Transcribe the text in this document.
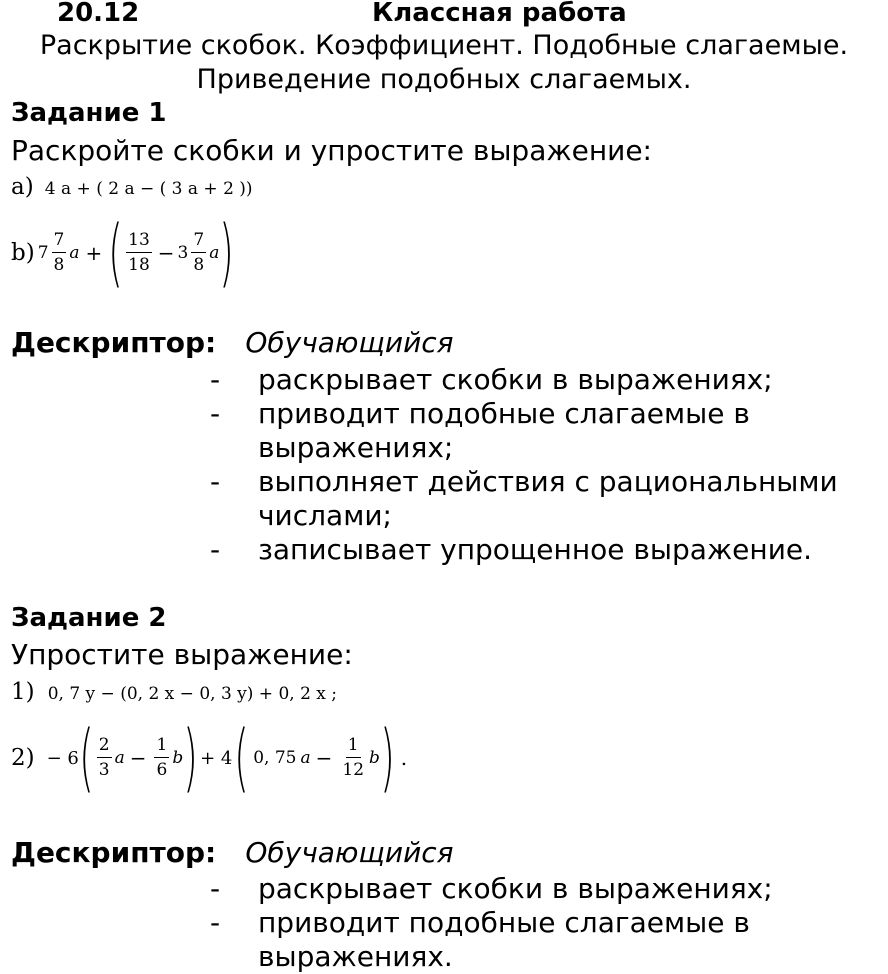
20.12	Классная работа
Раскрытие скобок. Коэффициент. Подобные слагаемые.
Приведение подобных слагаемых.
Задание 1
Раскройте скобки и упростите выражение:
а) 4 a + ( 2 a − ( 3 a + 2 ))
b) $7 \frac{7}{8}$ a + ( $\frac{13}{18} - 3 \frac{7}{8}$ a )
Дескриптор: Обучающийся
- раскрывает скобки в выражениях;
- приводит подобные слагаемые в выражениях;
- выполняет действия с рациональными числами;
- записывает упрощенное выражение.
Задание 2
Упростите выражение:
1) 0, 7 y − (0, 2 x − 0, 3 y) + 0, 2 x ;
2) − 6 ( $\frac{2}{3}$ $a - \frac{1}{6}$ b ) + 4 ( 0, 75 $a - \frac{1}{12}$ b ) .
Дескриптор: Обучающийся
- раскрывает скобки в выражениях;
- приводит подобные слагаемые в выражениях.
